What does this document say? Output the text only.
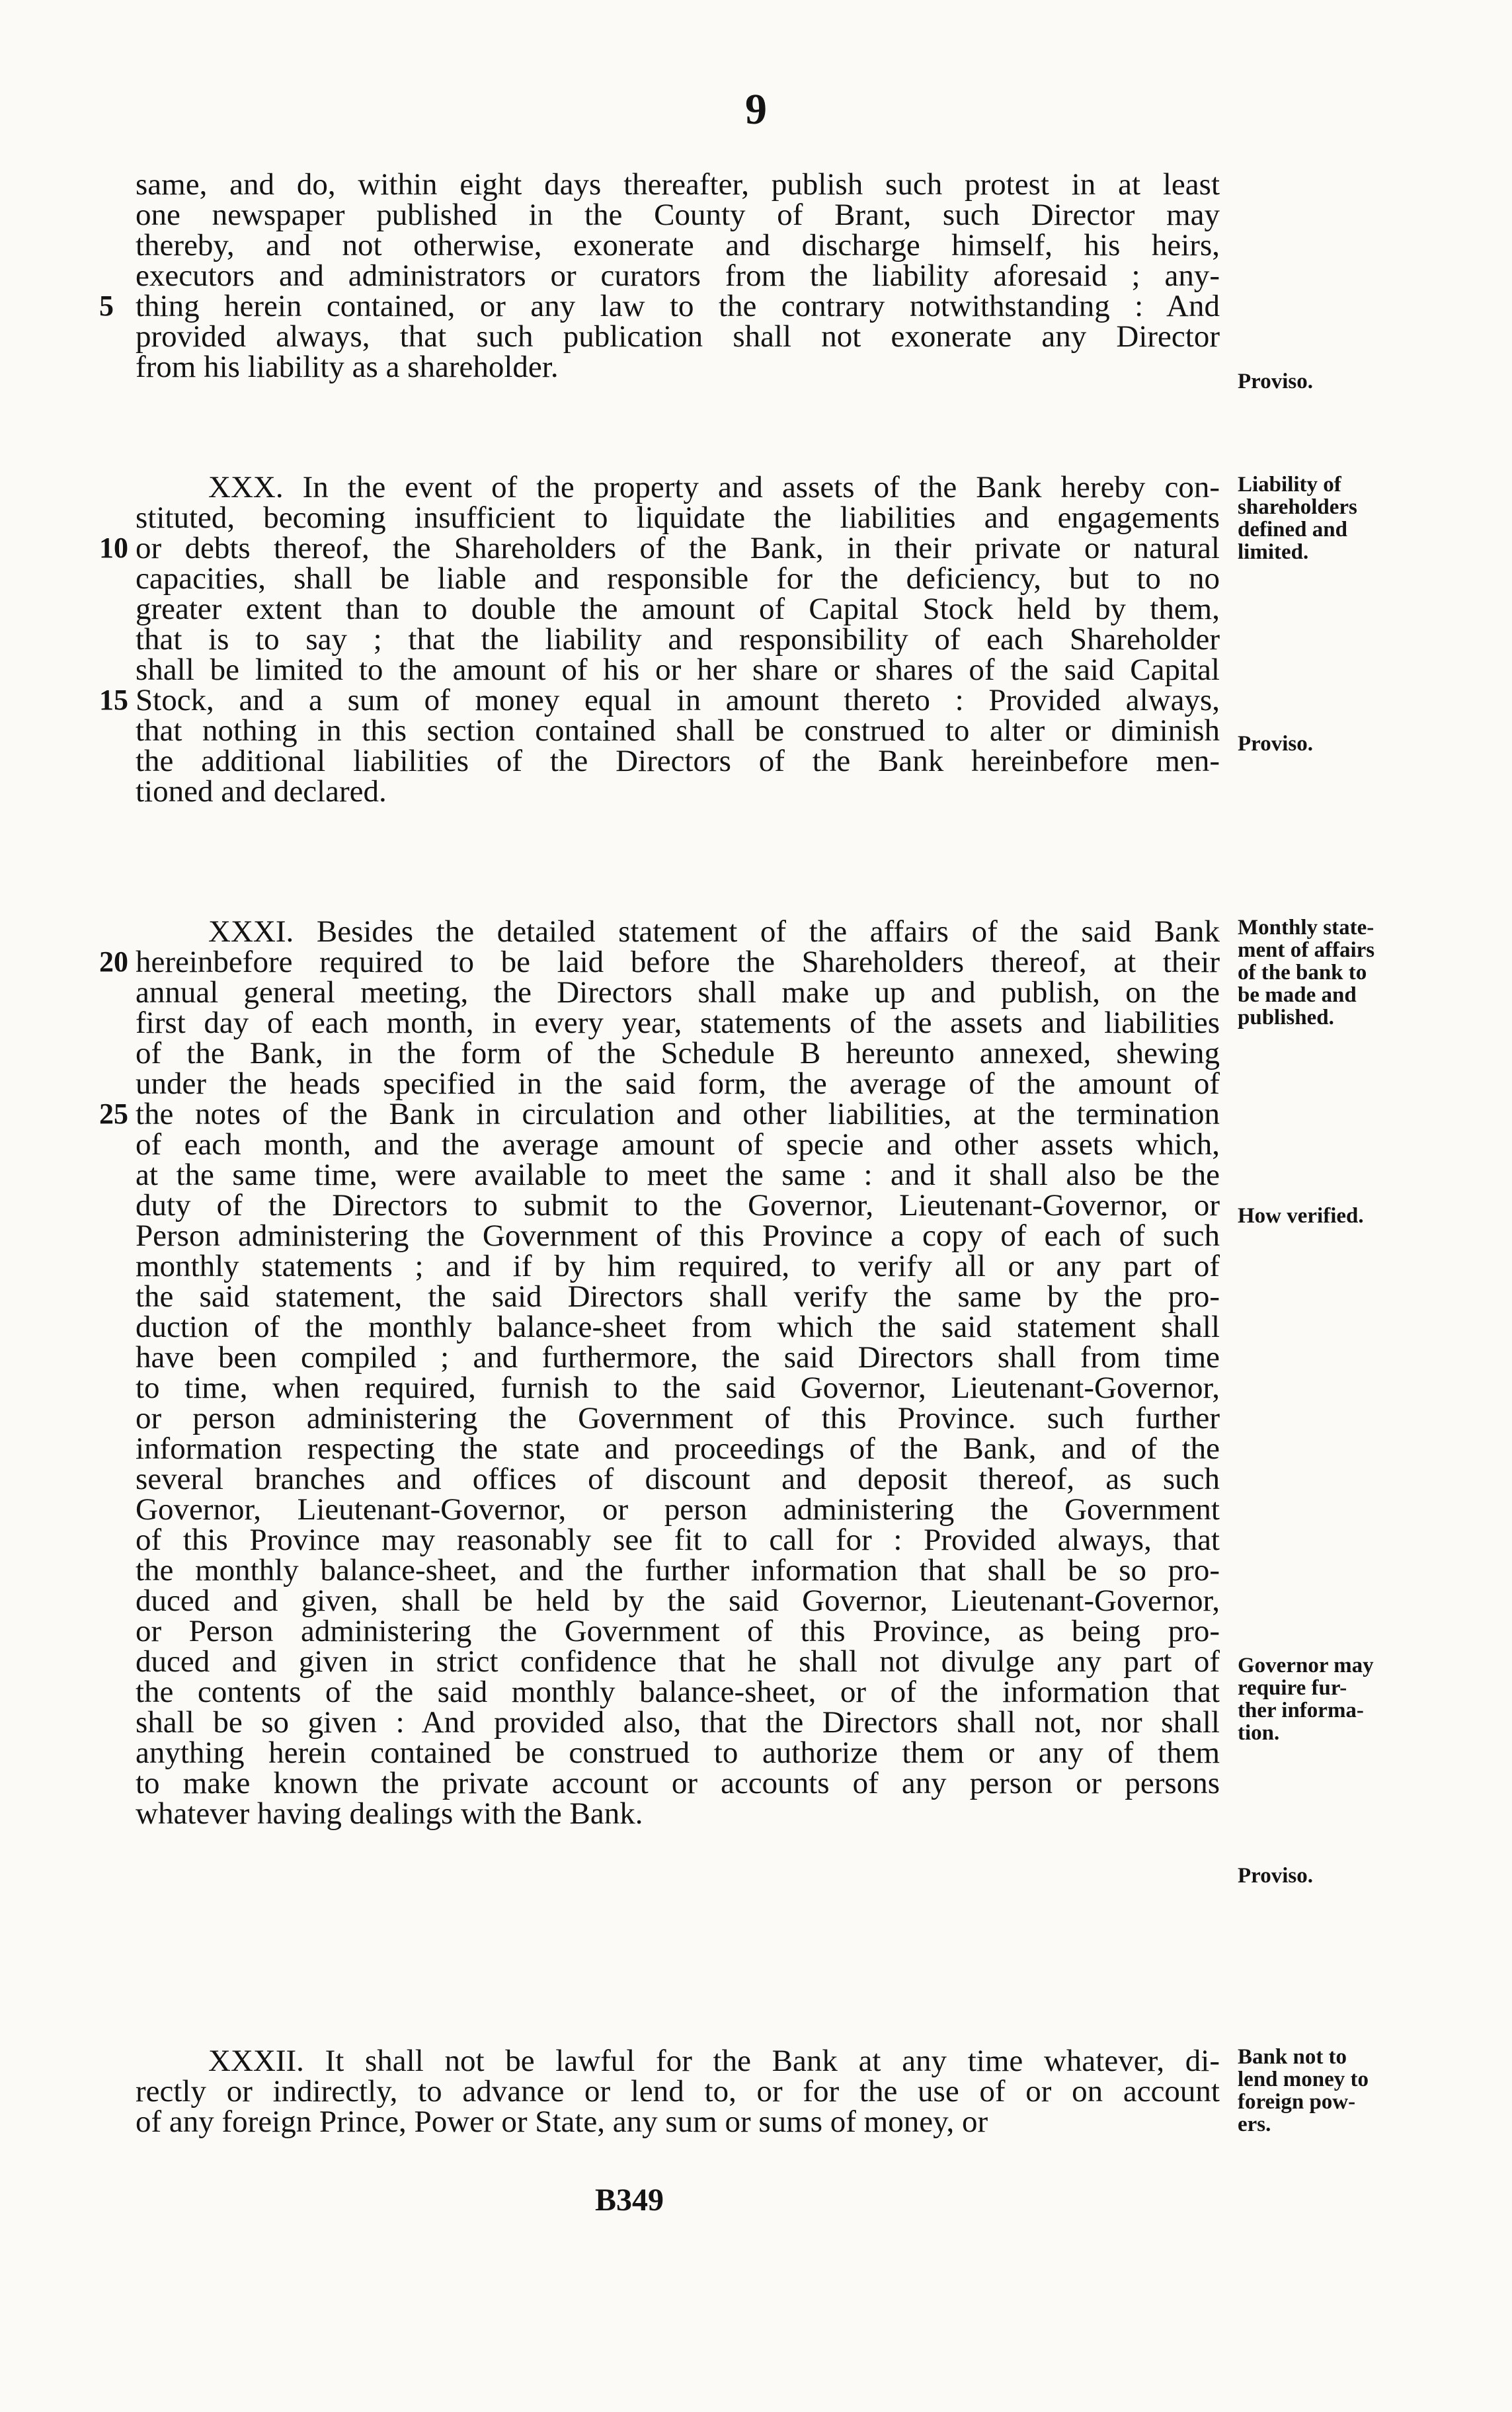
9
same, and do, within eight days thereafter, publish such protest in at least
one newspaper published in the County of Brant, such Director may
thereby, and not otherwise, exonerate and discharge himself, his heirs,
executors and administrators or curators from the liability aforesaid ; any-
thing herein contained, or any law to the contrary notwithstanding : And
provided always, that such publication shall not exonerate any Director
from his liability as a shareholder.
5
XXX. In the event of the property and assets of the Bank hereby con-
stituted, becoming insufficient to liquidate the liabilities and engagements
or debts thereof, the Shareholders of the Bank, in their private or natural
capacities, shall be liable and responsible for the deficiency, but to no
greater extent than to double the amount of Capital Stock held by them,
that is to say ; that the liability and responsibility of each Shareholder
shall be limited to the amount of his or her share or shares of the said Capital
Stock, and a sum of money equal in amount thereto : Provided always,
that nothing in this section contained shall be construed to alter or diminish
the additional liabilities of the Directors of the Bank hereinbefore men-
tioned and declared.
10
15
XXXI. Besides the detailed statement of the affairs of the said Bank
hereinbefore required to be laid before the Shareholders thereof, at their
annual general meeting, the Directors shall make up and publish, on the
first day of each month, in every year, statements of the assets and liabilities
of the Bank, in the form of the Schedule B hereunto annexed, shewing
under the heads specified in the said form, the average of the amount of
the notes of the Bank in circulation and other liabilities, at the termination
of each month, and the average amount of specie and other assets which,
at the same time, were available to meet the same : and it shall also be the
duty of the Directors to submit to the Governor, Lieutenant-Governor, or
Person administering the Government of this Province a copy of each of such
monthly statements ; and if by him required, to verify all or any part of
the said statement, the said Directors shall verify the same by the pro-
duction of the monthly balance-sheet from which the said statement shall
have been compiled ; and furthermore, the said Directors shall from time
to time, when required, furnish to the said Governor, Lieutenant-Governor,
or person administering the Government of this Province. such further
information respecting the state and proceedings of the Bank, and of the
several branches and offices of discount and deposit thereof, as such
Governor, Lieutenant-Governor, or person administering the Government
of this Province may reasonably see fit to call for : Provided always, that
the monthly balance-sheet, and the further information that shall be so pro-
duced and given, shall be held by the said Governor, Lieutenant-Governor,
or Person administering the Government of this Province, as being pro-
duced and given in strict confidence that he shall not divulge any part of
the contents of the said monthly balance-sheet, or of the information that
shall be so given : And provided also, that the Directors shall not, nor shall
anything herein contained be construed to authorize them or any of them
to make known the private account or accounts of any person or persons
whatever having dealings with the Bank.
20
25
XXXII. It shall not be lawful for the Bank at any time whatever, di-
rectly or indirectly, to advance or lend to, or for the use of or on account
of any foreign Prince, Power or State, any sum or sums of money, or
Proviso.
Liability of
shareholders
defined and
limited.
Proviso.
Monthly state-
ment of affairs
of the bank to
be made and
published.
How verified.
Governor may
require fur-
ther informa-
tion.
Proviso.
Bank not to
lend money to
foreign pow-
ers.
B349
